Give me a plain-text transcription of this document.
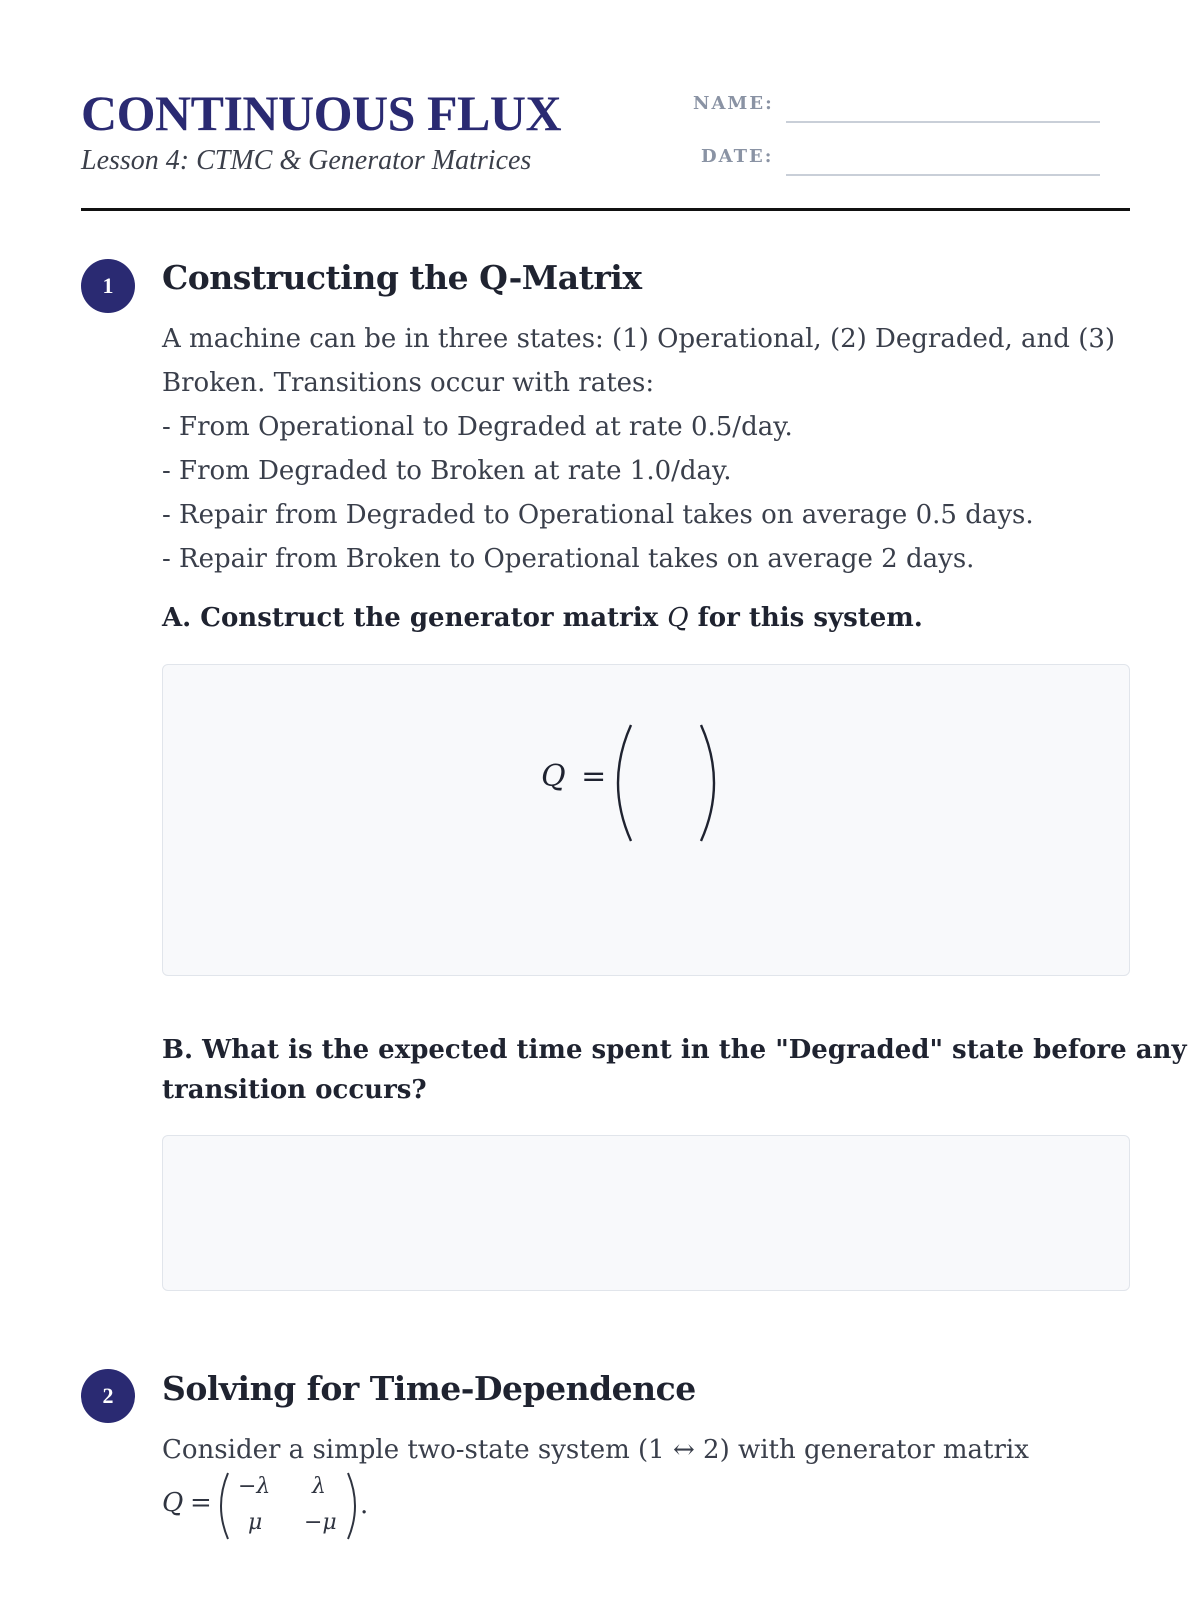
CONTINUOUS FLUX
Lesson 4: CTMC & Generator Matrices
NAME:
DATE:
1	Constructing the Q-Matrix
A machine can be in three states: (1) Operational, (2) Degraded, and (3)
Broken. Transitions occur with rates:
- From Operational to Degraded at rate 0.5/day.
- From Degraded to Broken at rate 1.0/day.
- Repair from Degraded to Operational takes on average 0.5 days.
- Repair from Broken to Operational takes on average 2 days.
A. Construct the generator matrix Q for this system.
Q =
B. What is the expected time spent in the "Degraded" state before any
transition occurs?
2	Solving for Time-Dependence
Consider a simple two-state system (1 ↔ 2) with generator matrix
Q =
−λ λ
μ −μ
.
